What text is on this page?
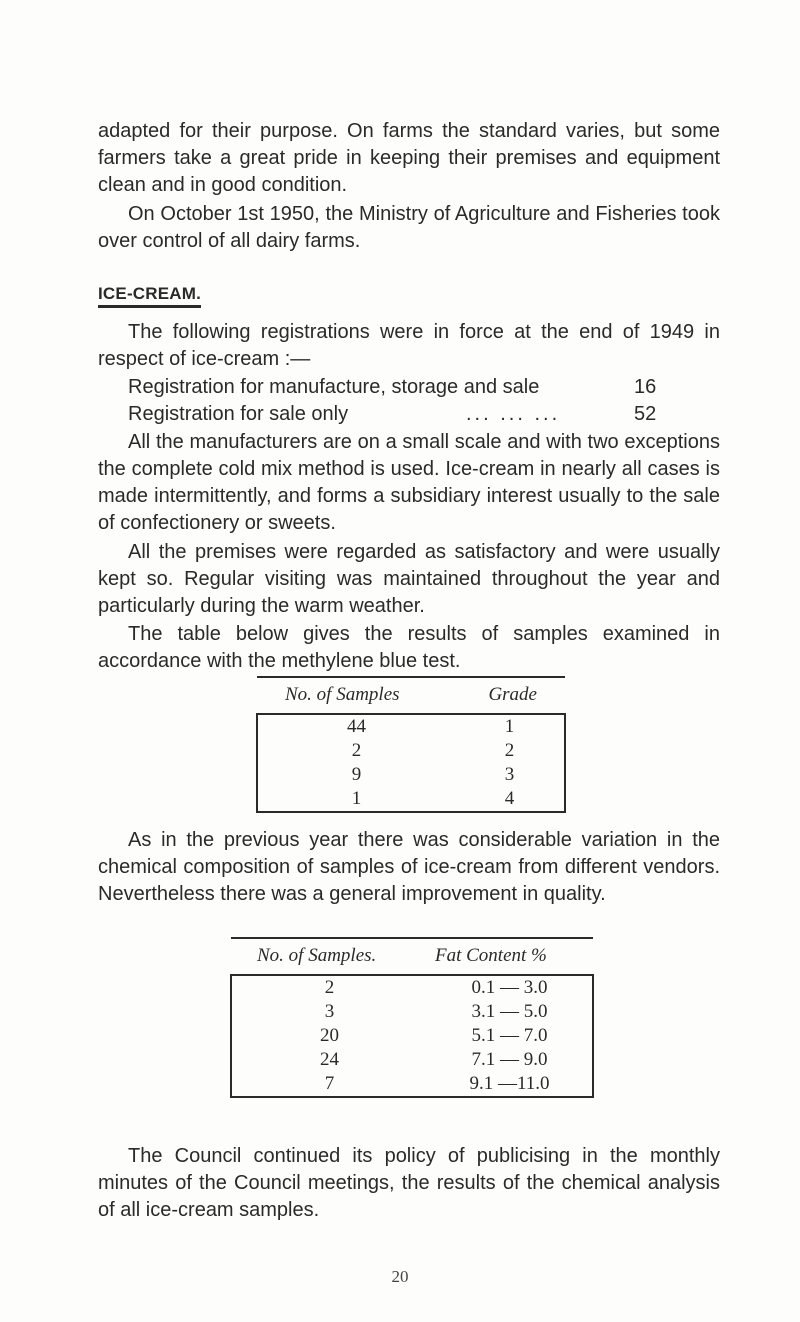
adapted for their purpose. On farms the standard varies, but some farmers take a great pride in keeping their premises and equipment clean and in good condition.

On October 1st 1950, the Ministry of Agriculture and Fisheries took over control of all dairy farms.

ICE-CREAM.

The following registrations were in force at the end of 1949 in respect of ice-cream :—

Registration for manufacture, storage and sale	16
Registration for sale only	... ... ...	52

All the manufacturers are on a small scale and with two exceptions the complete cold mix method is used. Ice-cream in nearly all cases is made intermittently, and forms a subsidiary interest usually to the sale of confectionery or sweets.

All the premises were regarded as satisfactory and were usually kept so. Regular visiting was maintained throughout the year and particularly during the warm weather.

The table below gives the results of samples examined in accordance with the methylene blue test.

No. of Samples	Grade
44	1
2	2
9	3
1	4

As in the previous year there was considerable variation in the chemical composition of samples of ice-cream from different vendors. Nevertheless there was a general improvement in quality.

No. of Samples.	Fat Content %
2	0.1 — 3.0
3	3.1 — 5.0
20	5.1 — 7.0
24	7.1 — 9.0
7	9.1 —11.0

The Council continued its policy of publicising in the monthly minutes of the Council meetings, the results of the chemical analysis of all ice-cream samples.

20
